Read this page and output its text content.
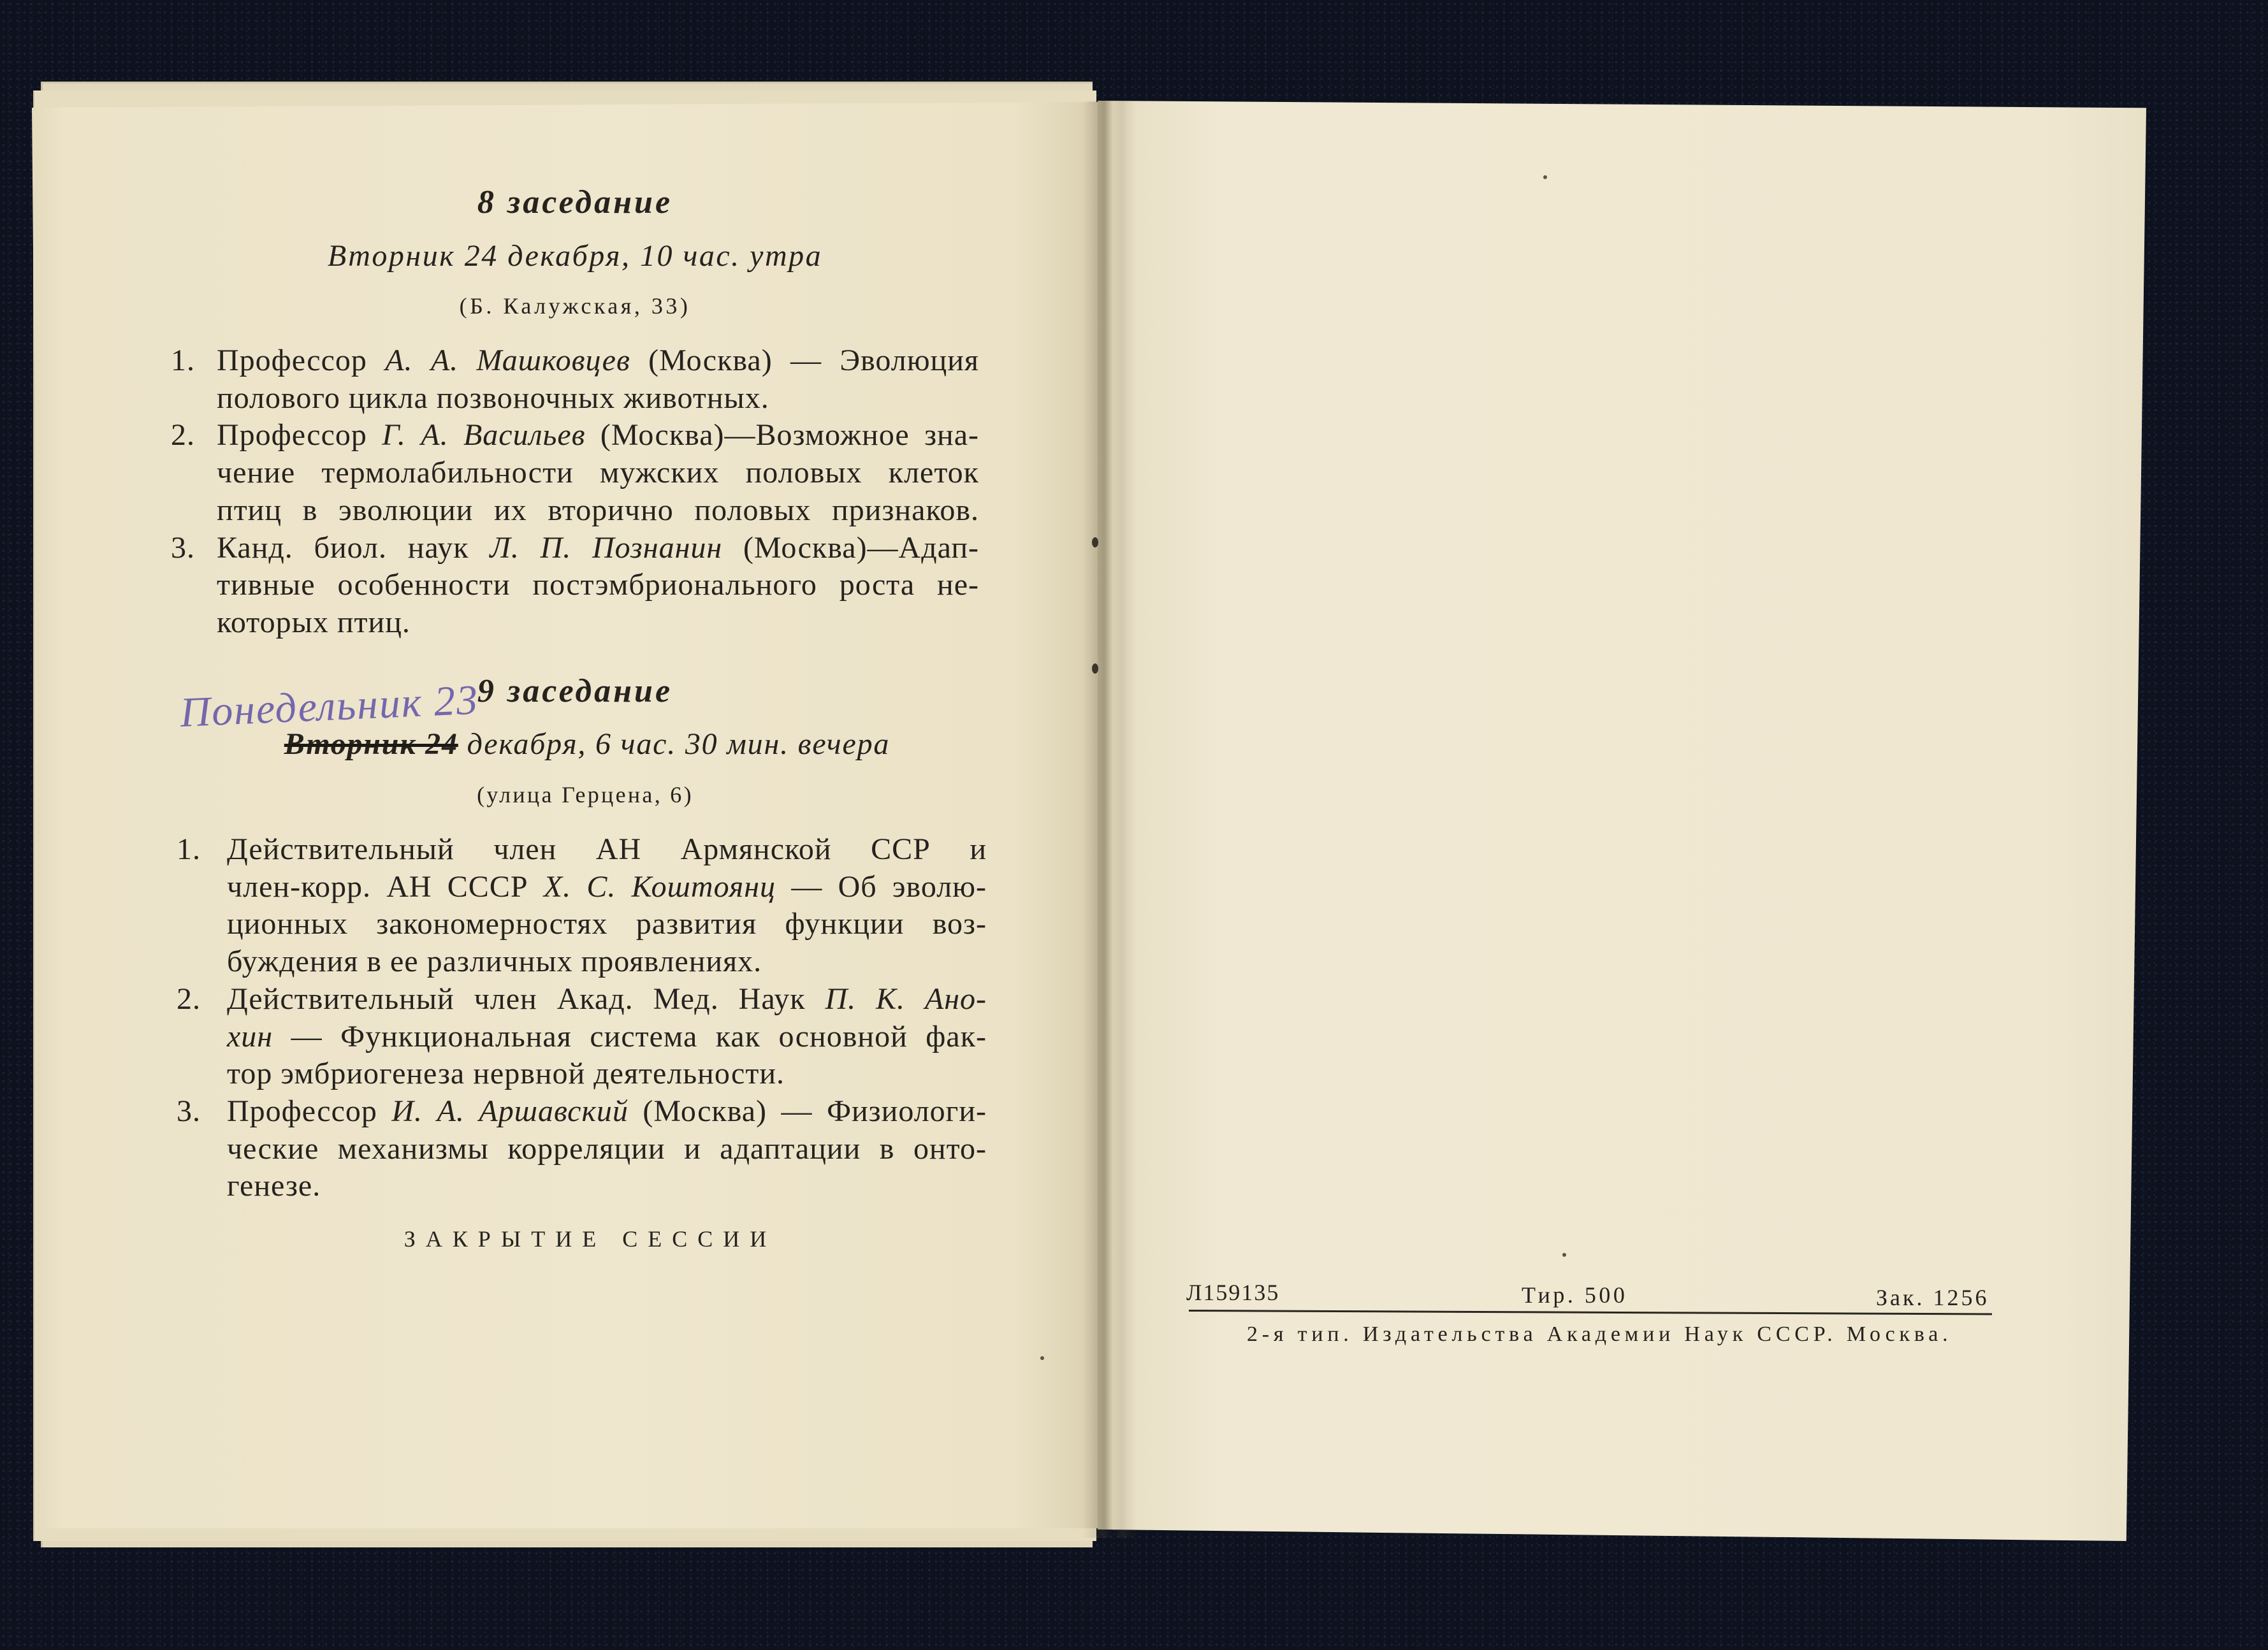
8 заседание
Вторник 24 декабря, 10 час. утра
(Б. Калужская, 33)
1. Профессор А. А. Машковцев (Москва) — Эволюция
полового цикла позвоночных животных.
2. Профессор Г. А. Васильев (Москва)—Возможное зна-
чение термолабильности мужских половых клеток
птиц в эволюции их вторично половых признаков.
3. Канд. биол. наук Л. П. Познанин (Москва)—Адап-
тивные особенности постэмбрионального роста не-
которых птиц.
9 заседание
Понедельник 23
Вторник 24 декабря, 6 час. 30 мин. вечера
(улица Герцена, 6)
1. Действительный член АН Армянской ССР и
член-корр. АН СССР Х. С. Коштоянц — Об эволю-
ционных закономерностях развития функции воз-
буждения в ее различных проявлениях.
2. Действительный член Акад. Мед. Наук П. К. Ано-
хин — Функциональная система как основной фак-
тор эмбриогенеза нервной деятельности.
3. Профессор И. А. Аршавский (Москва) — Физиологи-
ческие механизмы корреляции и адаптации в онто-
генезе.
ЗАКРЫТИЕ СЕССИИ
Л159135	Тир. 500	Зак. 1256
2-я тип. Издательства Академии Наук СССР. Москва.
